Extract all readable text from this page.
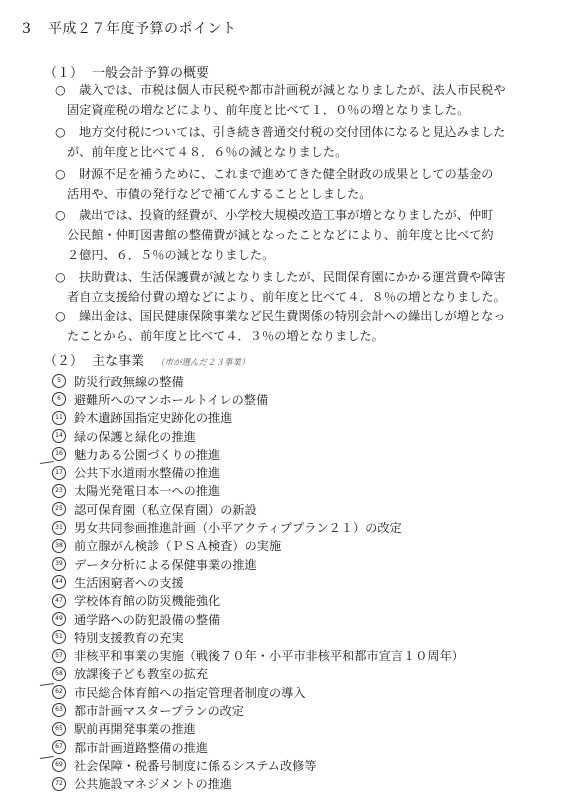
3 平成２７年度予算のポイント
（１） 一般会計予算の概要
○	歳入では、市税は個人市民税や都市計画税が減となりましたが、法人市民税や
固定資産税の増などにより、前年度と比べて１．０％の増となりました。
○	地方交付税については、引き続き普通交付税の交付団体になると見込みました
が、前年度と比べて４８．６％の減となりました。
○	財源不足を補うために、これまで進めてきた健全財政の成果としての基金の
活用や、市債の発行などで補てんすることとしました。
○	歳出では、投資的経費が、小学校大規模改造工事が増となりましたが、仲町
公民館・仲町図書館の整備費が減となったことなどにより、前年度と比べて約
２億円、６．５％の減となりました。
○	扶助費は、生活保護費が減となりましたが、民間保育園にかかる運営費や障害
者自立支援給付費の増などにより、前年度と比べて４．８％の増となりました。
○	繰出金は、国民健康保険事業など民生費関係の特別会計への繰出しが増となっ
たことから、前年度と比べて４．３％の増となりました。
（２） 主な事業 （市が選んだ２３事業）
5	防災行政無線の整備
6	避難所へのマンホールトイレの整備
11 鈴木遺跡国指定史跡化の推進
14 緑の保護と緑化の推進
16 魅力ある公園づくりの推進
17 公共下水道雨水整備の推進
23 太陽光発電日本一への推進
25 認可保育園（私立保育園）の新設
31 男女共同参画推進計画（小平アクティブプラン２１）の改定
38 前立腺がん検診（ＰＳＡ検査）の実施
39 データ分析による保健事業の推進
44 生活困窮者への支援
47 学校体育館の防災機能強化
49 通学路への防犯設備の整備
51 特別支援教育の充実
57 非核平和事業の実施（戦後７０年・小平市非核平和都市宣言１０周年）
58 放課後子ども教室の拡充
62 市民総合体育館への指定管理者制度の導入
63 都市計画マスタープランの改定
65 駅前再開発事業の推進
67 都市計画道路整備の推進
69 社会保障・税番号制度に係るシステム改修等
72 公共施設マネジメントの推進
